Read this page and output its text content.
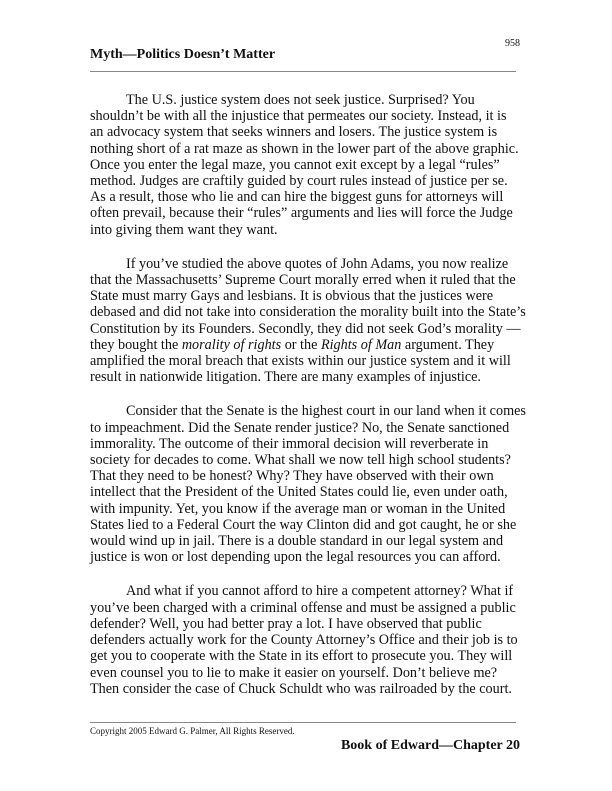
958
Myth—Politics Doesn’t Matter
The U.S. justice system does not seek justice. Surprised? You
shouldn’t be with all the injustice that permeates our society. Instead, it is
an advocacy system that seeks winners and losers. The justice system is
nothing short of a rat maze as shown in the lower part of the above graphic.
Once you enter the legal maze, you cannot exit except by a legal “rules”
method. Judges are craftily guided by court rules instead of justice per se.
As a result, those who lie and can hire the biggest guns for attorneys will
often prevail, because their “rules” arguments and lies will force the Judge
into giving them want they want.
If you’ve studied the above quotes of John Adams, you now realize
that the Massachusetts’ Supreme Court morally erred when it ruled that the
State must marry Gays and lesbians. It is obvious that the justices were
debased and did not take into consideration the morality built into the State’s
Constitution by its Founders. Secondly, they did not seek God’s morality —
they bought the morality of rights or the Rights of Man argument. They
amplified the moral breach that exists within our justice system and it will
result in nationwide litigation. There are many examples of injustice.
Consider that the Senate is the highest court in our land when it comes
to impeachment. Did the Senate render justice? No, the Senate sanctioned
immorality. The outcome of their immoral decision will reverberate in
society for decades to come. What shall we now tell high school students?
That they need to be honest? Why? They have observed with their own
intellect that the President of the United States could lie, even under oath,
with impunity. Yet, you know if the average man or woman in the United
States lied to a Federal Court the way Clinton did and got caught, he or she
would wind up in jail. There is a double standard in our legal system and
justice is won or lost depending upon the legal resources you can afford.
And what if you cannot afford to hire a competent attorney? What if
you’ve been charged with a criminal offense and must be assigned a public
defender? Well, you had better pray a lot. I have observed that public
defenders actually work for the County Attorney’s Office and their job is to
get you to cooperate with the State in its effort to prosecute you. They will
even counsel you to lie to make it easier on yourself. Don’t believe me?
Then consider the case of Chuck Schuldt who was railroaded by the court.
Copyright 2005 Edward G. Palmer, All Rights Reserved.
Book of Edward—Chapter 20
